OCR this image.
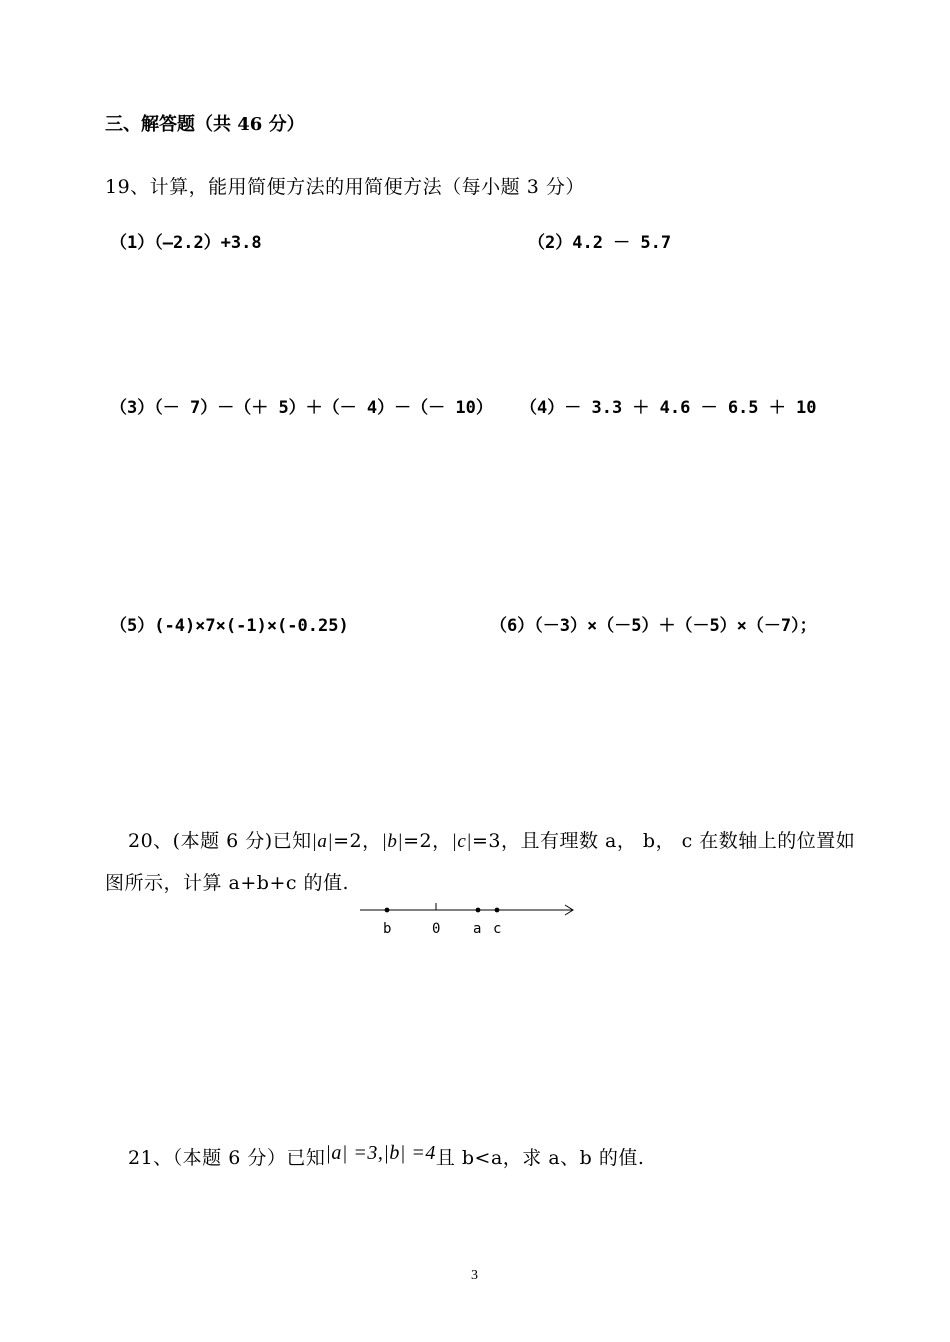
三、解答题（共 46 分）
19、计算，能用简便方法的用简便方法（每小题 3 分）
（1）（—2.2）+3.8	（2）4.2 － 5.7
（3）（－ 7）－（＋ 5）＋（－ 4）－（－ 10） （4）－ 3.3 ＋ 4.6 － 6.5 ＋ 10
（5）(-4)×7×(-1)×(-0.25)	（6）（－3）×（－5）＋（－5）×（－7）；
20、(本题 6 分)已知|a|=2，|b|=2，|c|=3，且有理数 a， b， c 在数轴上的位置如
图所示，计算 a+b+c 的值.
b	0 a c
21、（本题 6 分）已知|a| =3,|b| =4且 b<a，求 a、b 的值.
3
